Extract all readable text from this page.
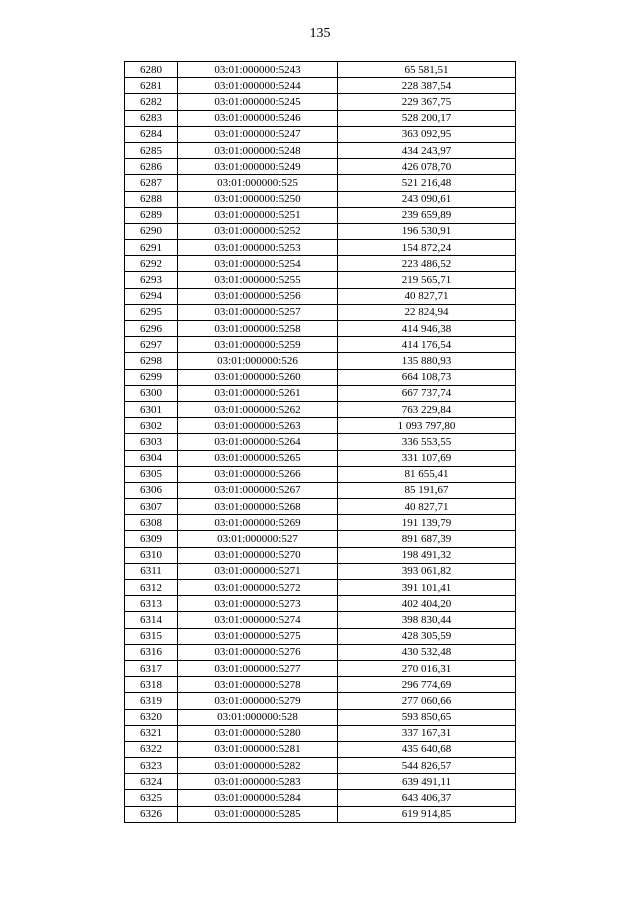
135
6280	03:01:000000:5243	65 581,51
6281	03:01:000000:5244	228 387,54
6282	03:01:000000:5245	229 367,75
6283	03:01:000000:5246	528 200,17
6284	03:01:000000:5247	363 092,95
6285	03:01:000000:5248	434 243,97
6286	03:01:000000:5249	426 078,70
6287	03:01:000000:525	521 216,48
6288	03:01:000000:5250	243 090,61
6289	03:01:000000:5251	239 659,89
6290	03:01:000000:5252	196 530,91
6291	03:01:000000:5253	154 872,24
6292	03:01:000000:5254	223 486,52
6293	03:01:000000:5255	219 565,71
6294	03:01:000000:5256	40 827,71
6295	03:01:000000:5257	22 824,94
6296	03:01:000000:5258	414 946,38
6297	03:01:000000:5259	414 176,54
6298	03:01:000000:526	135 880,93
6299	03:01:000000:5260	664 108,73
6300	03:01:000000:5261	667 737,74
6301	03:01:000000:5262	763 229,84
6302	03:01:000000:5263	1 093 797,80
6303	03:01:000000:5264	336 553,55
6304	03:01:000000:5265	331 107,69
6305	03:01:000000:5266	81 655,41
6306	03:01:000000:5267	85 191,67
6307	03:01:000000:5268	40 827,71
6308	03:01:000000:5269	191 139,79
6309	03:01:000000:527	891 687,39
6310	03:01:000000:5270	198 491,32
6311	03:01:000000:5271	393 061,82
6312	03:01:000000:5272	391 101,41
6313	03:01:000000:5273	402 404,20
6314	03:01:000000:5274	398 830,44
6315	03:01:000000:5275	428 305,59
6316	03:01:000000:5276	430 532,48
6317	03:01:000000:5277	270 016,31
6318	03:01:000000:5278	296 774,69
6319	03:01:000000:5279	277 060,66
6320	03:01:000000:528	593 850,65
6321	03:01:000000:5280	337 167,31
6322	03:01:000000:5281	435 640,68
6323	03:01:000000:5282	544 826,57
6324	03:01:000000:5283	639 491,11
6325	03:01:000000:5284	643 406,37
6326	03:01:000000:5285	619 914,85
